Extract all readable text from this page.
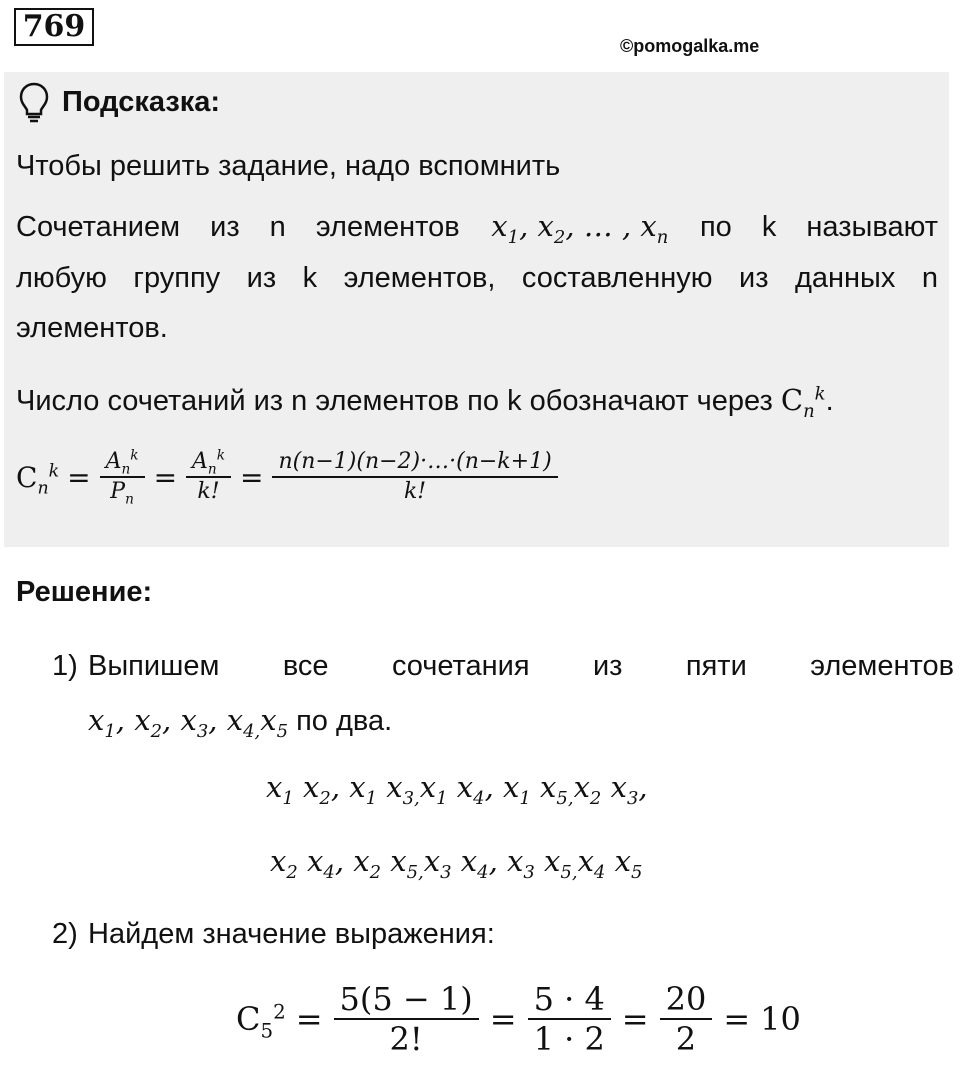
769
©pomogalka.me
Подсказка:
Чтобы решить задание, надо вспомнить
Сочетанием из n элементов $x_1$, $x_2$, … , $x_n$ по k называют
любую группу из k элементов, составленную из данных n
элементов.
Число сочетаний из n элементов по k обозначают через $C_n^k$.
$C_n^k = \frac{A_n^k}{P_n} = \frac{A_n^k}{k!} = \frac{n(n-1)(n-2)\cdot\dots\cdot(n-k+1)}{k!}$
Решение:
1) Выпишем все сочетания из пяти элементов
$x_1$, $x_2$, $x_3$, $x_{4,}x_5$ по два.
$x_1$ $x_2$, $x_1$ $x_{3,}x_1$ $x_4$, $x_1$ $x_{5,}x_2$ $x_3$,
$x_2$ $x_4$, $x_2$ $x_{5,}x_3$ $x_4$, $x_3$ $x_{5,}x_4$ $x_5$
2) Найдем значение выражения:
$C_5^2 = \frac{5(5 - 1)}{2!} = \frac{5 \cdot 4}{1 \cdot 2} = \frac{20}{2} = 10$
